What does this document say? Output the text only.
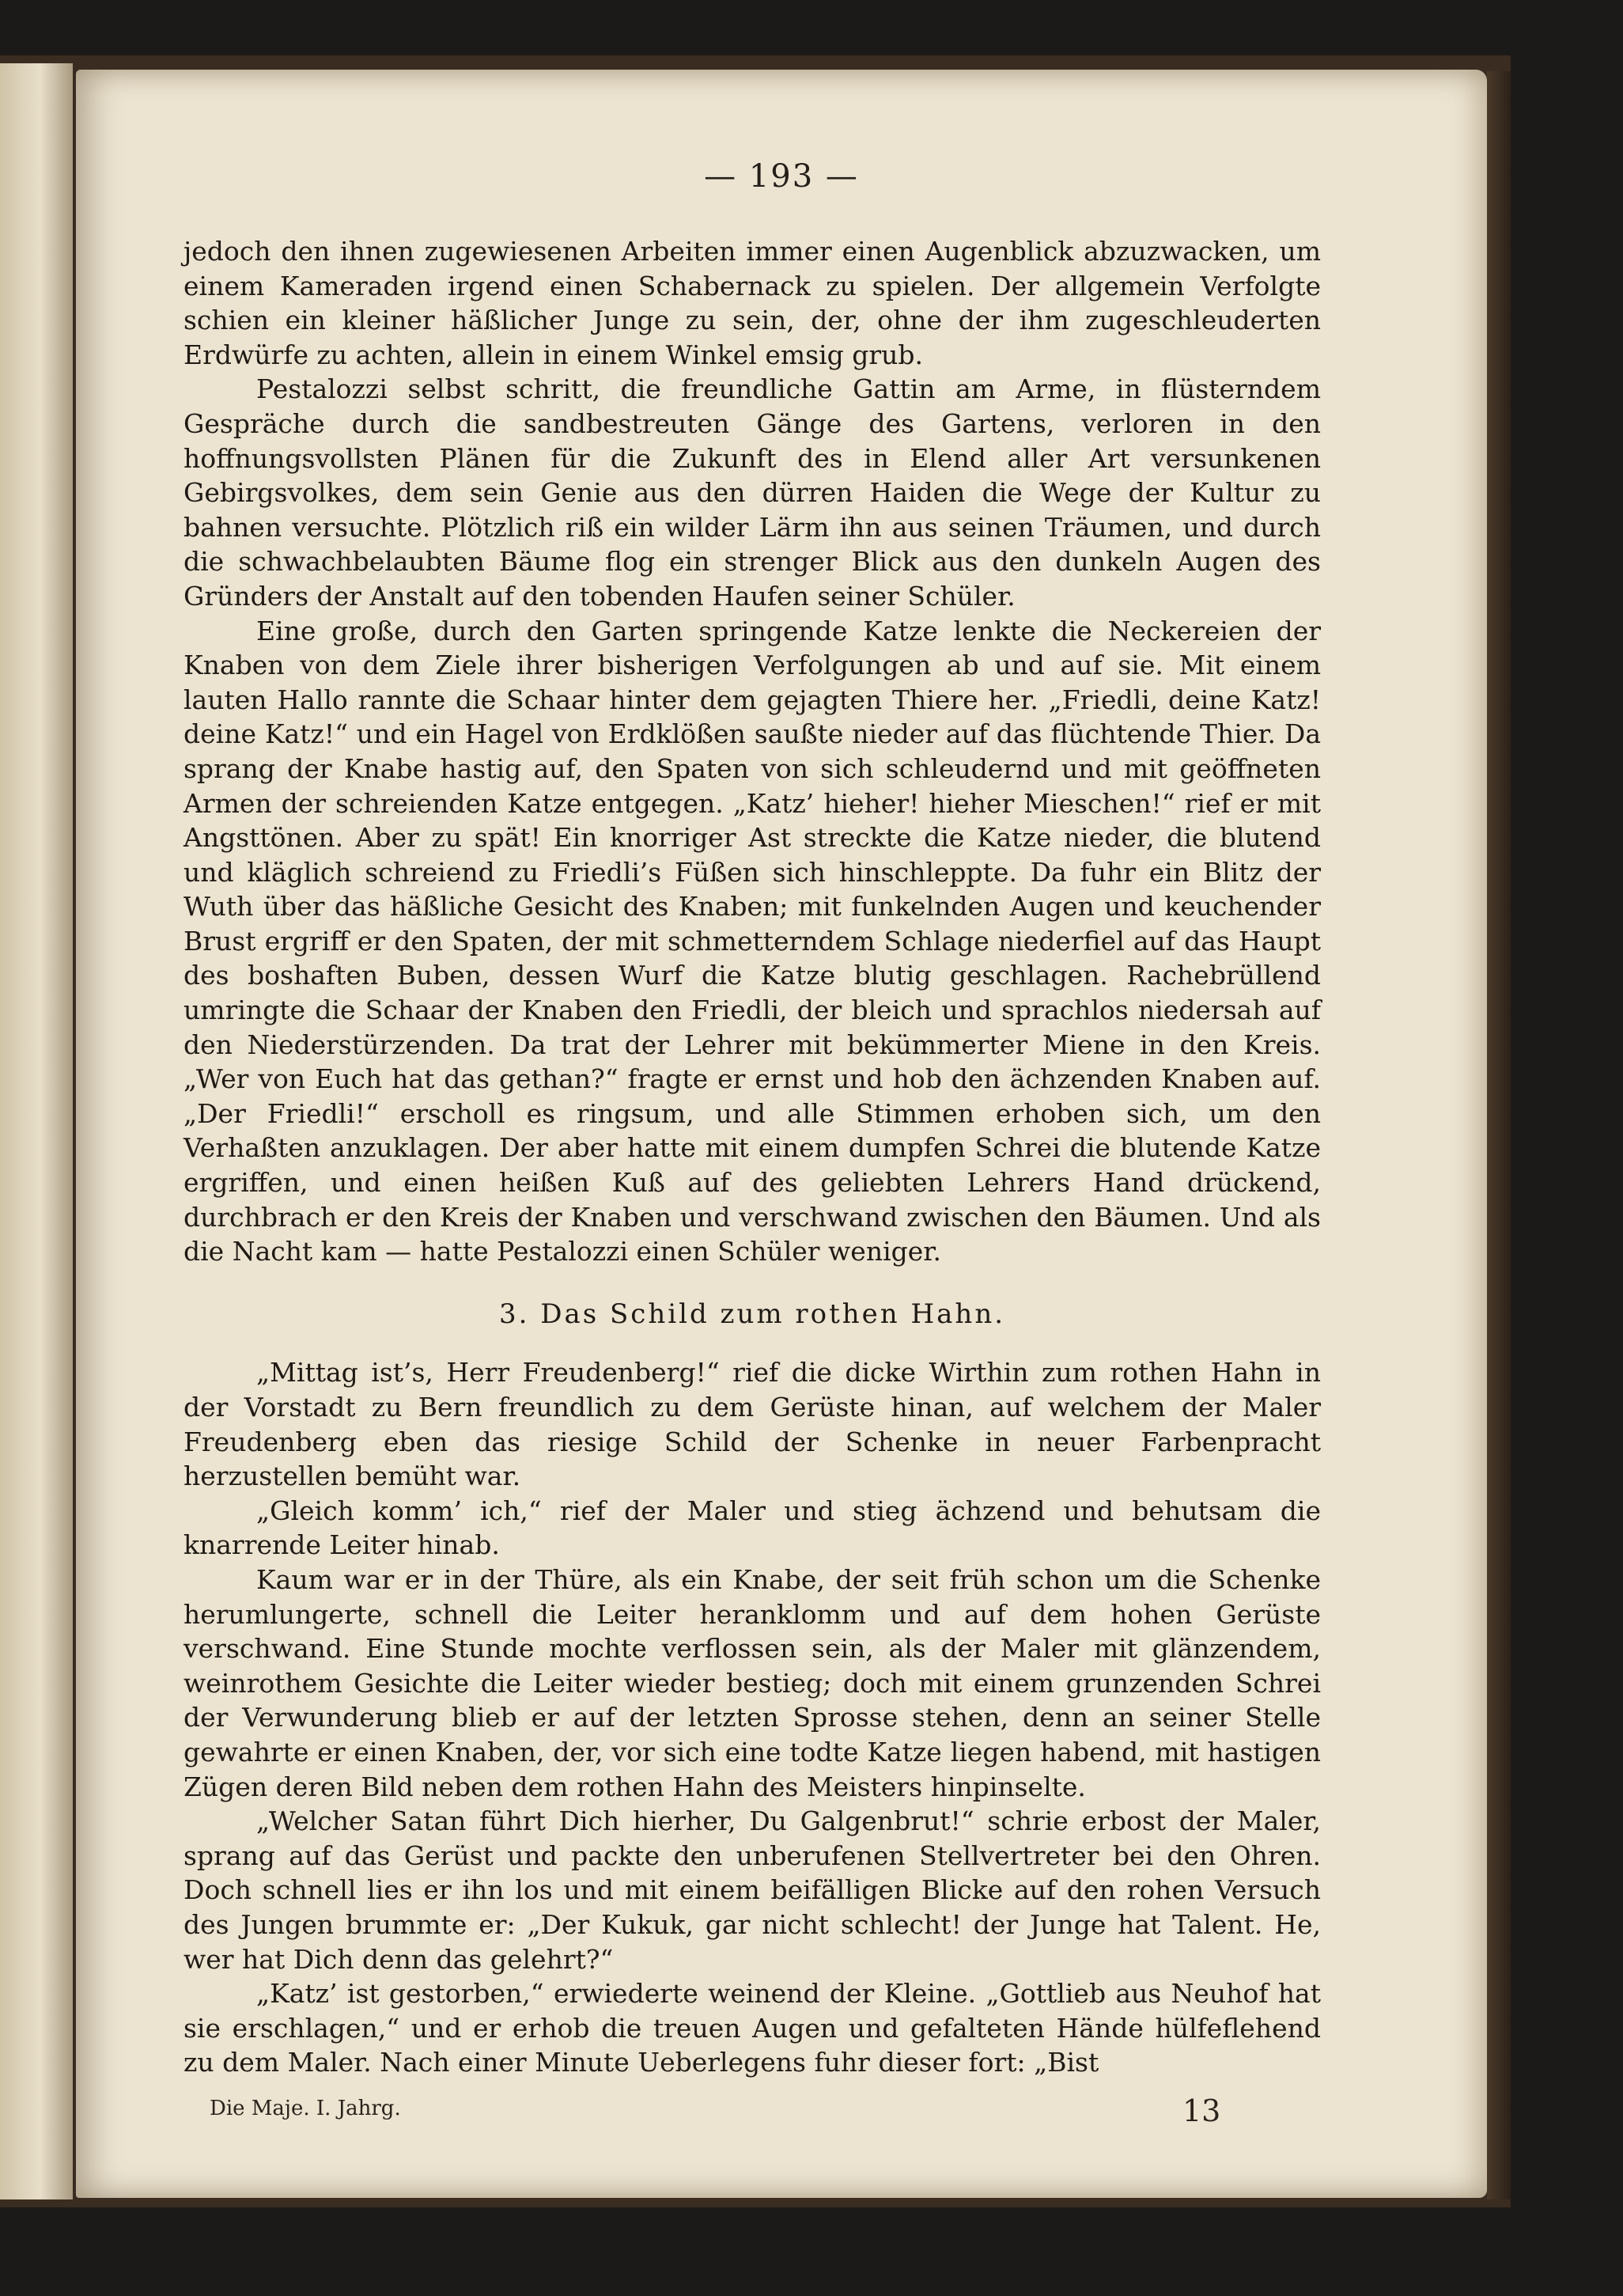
— 193 —

jedoch den ihnen zugewiesenen Arbeiten immer einen Augenblick abzuzwacken, um einem Kameraden irgend einen Schabernack zu spielen. Der allgemein Verfolgte schien ein kleiner häßlicher Junge zu sein, der, ohne der ihm zugeschleuderten Erdwürfe zu achten, allein in einem Winkel emsig grub.

Pestalozzi selbst schritt, die freundliche Gattin am Arme, in flüsterndem Gespräche durch die sandbestreuten Gänge des Gartens, verloren in den hoffnungsvollsten Plänen für die Zukunft des in Elend aller Art versunkenen Gebirgsvolkes, dem sein Genie aus den dürren Haiden die Wege der Kultur zu bahnen versuchte. Plötzlich riß ein wilder Lärm ihn aus seinen Träumen, und durch die schwachbelaubten Bäume flog ein strenger Blick aus den dunkeln Augen des Gründers der Anstalt auf den tobenden Haufen seiner Schüler.

Eine große, durch den Garten springende Katze lenkte die Neckereien der Knaben von dem Ziele ihrer bisherigen Verfolgungen ab und auf sie. Mit einem lauten Hallo rannte die Schaar hinter dem gejagten Thiere her. „Friedli, deine Katz! deine Katz!“ und ein Hagel von Erdklößen saußte nieder auf das flüchtende Thier. Da sprang der Knabe hastig auf, den Spaten von sich schleudernd und mit geöffneten Armen der schreienden Katze entgegen. „Katz’ hieher! hieher Mieschen!“ rief er mit Angsttönen. Aber zu spät! Ein knorriger Ast streckte die Katze nieder, die blutend und kläglich schreiend zu Friedli’s Füßen sich hinschleppte. Da fuhr ein Blitz der Wuth über das häßliche Gesicht des Knaben; mit funkelnden Augen und keuchender Brust ergriff er den Spaten, der mit schmetterndem Schlage niederfiel auf das Haupt des boshaften Buben, dessen Wurf die Katze blutig geschlagen. Rachebrüllend umringte die Schaar der Knaben den Friedli, der bleich und sprachlos niedersah auf den Niederstürzenden. Da trat der Lehrer mit bekümmerter Miene in den Kreis. „Wer von Euch hat das gethan?“ fragte er ernst und hob den ächzenden Knaben auf. „Der Friedli!“ erscholl es ringsum, und alle Stimmen erhoben sich, um den Verhaßten anzuklagen. Der aber hatte mit einem dumpfen Schrei die blutende Katze ergriffen, und einen heißen Kuß auf des geliebten Lehrers Hand drückend, durchbrach er den Kreis der Knaben und verschwand zwischen den Bäumen. Und als die Nacht kam — hatte Pestalozzi einen Schüler weniger.

3. Das Schild zum rothen Hahn.

„Mittag ist’s, Herr Freudenberg!“ rief die dicke Wirthin zum rothen Hahn in der Vorstadt zu Bern freundlich zu dem Gerüste hinan, auf welchem der Maler Freudenberg eben das riesige Schild der Schenke in neuer Farbenpracht herzustellen bemüht war.

„Gleich komm’ ich,“ rief der Maler und stieg ächzend und behutsam die knarrende Leiter hinab.

Kaum war er in der Thüre, als ein Knabe, der seit früh schon um die Schenke herumlungerte, schnell die Leiter heranklomm und auf dem hohen Gerüste verschwand. Eine Stunde mochte verflossen sein, als der Maler mit glänzendem, weinrothem Gesichte die Leiter wieder bestieg; doch mit einem grunzenden Schrei der Verwunderung blieb er auf der letzten Sprosse stehen, denn an seiner Stelle gewahrte er einen Knaben, der, vor sich eine todte Katze liegen habend, mit hastigen Zügen deren Bild neben dem rothen Hahn des Meisters hinpinselte.

„Welcher Satan führt Dich hierher, Du Galgenbrut!“ schrie erbost der Maler, sprang auf das Gerüst und packte den unberufenen Stellvertreter bei den Ohren. Doch schnell lies er ihn los und mit einem beifälligen Blicke auf den rohen Versuch des Jungen brummte er: „Der Kukuk, gar nicht schlecht! der Junge hat Talent. He, wer hat Dich denn das gelehrt?“

„Katz’ ist gestorben,“ erwiederte weinend der Kleine. „Gottlieb aus Neuhof hat sie erschlagen,“ und er erhob die treuen Augen und gefalteten Hände hülfeflehend zu dem Maler. Nach einer Minute Ueberlegens fuhr dieser fort: „Bist

Die Maje. I. Jahrg.	13
